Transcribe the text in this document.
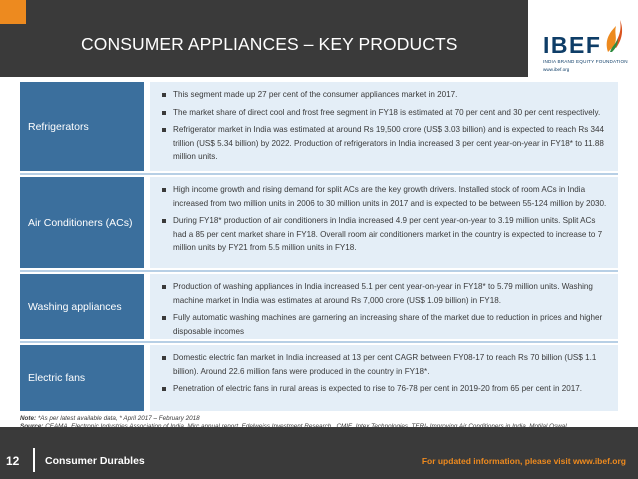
CONSUMER APPLIANCES – KEY PRODUCTS	IBEF
INDIA BRAND EQUITY FOUNDATION
www.ibef.org
Refrigerators
This segment made up 27 per cent of the consumer appliances market in 2017.
The market share of direct cool and frost free segment in FY18 is estimated at 70 per cent and 30 per cent respectively.
Refrigerator market in India was estimated at around Rs 19,500 crore (US$ 3.03 billion) and is expected to reach Rs 344 trillion (US$ 5.34 billion) by 2022. Production of refrigerators in India increased 3 per cent year-on-year in FY18* to 11.88 million units.
Air Conditioners (ACs)
High income growth and rising demand for split ACs are the key growth drivers. Installed stock of room ACs in India increased from two million units in 2006 to 30 million units in 2017 and is expected to be between 55-124 million by 2030.
During FY18* production of air conditioners in India increased 4.9 per cent year-on-year to 3.19 million units. Split ACs had a 85 per cent market share in FY18. Overall room air conditioners market in the country is expected to increase to 7 million units by FY21 from 5.5 million units in FY18.
Washing appliances
Production of washing appliances in India increased 5.1 per cent year-on-year in FY18* to 5.79 million units. Washing machine market in India was estimates at around Rs 7,000 crore (US$ 1.09 billion) in FY18.
Fully automatic washing machines are garnering an increasing share of the market due to reduction in prices and higher disposable incomes
Electric fans
Domestic electric fan market in India increased at 13 per cent CAGR between FY08-17 to reach Rs 70 billion (US$ 1.1 billion). Around 22.6 million fans were produced in the country in FY18*.
Penetration of electric fans in rural areas is expected to rise to 76-78 per cent in 2019-20 from 65 per cent in 2017.
Note: *As per latest available data, * April 2017 – February 2018
12 Consumer Durables	For updated information, please visit www.ibef.org
